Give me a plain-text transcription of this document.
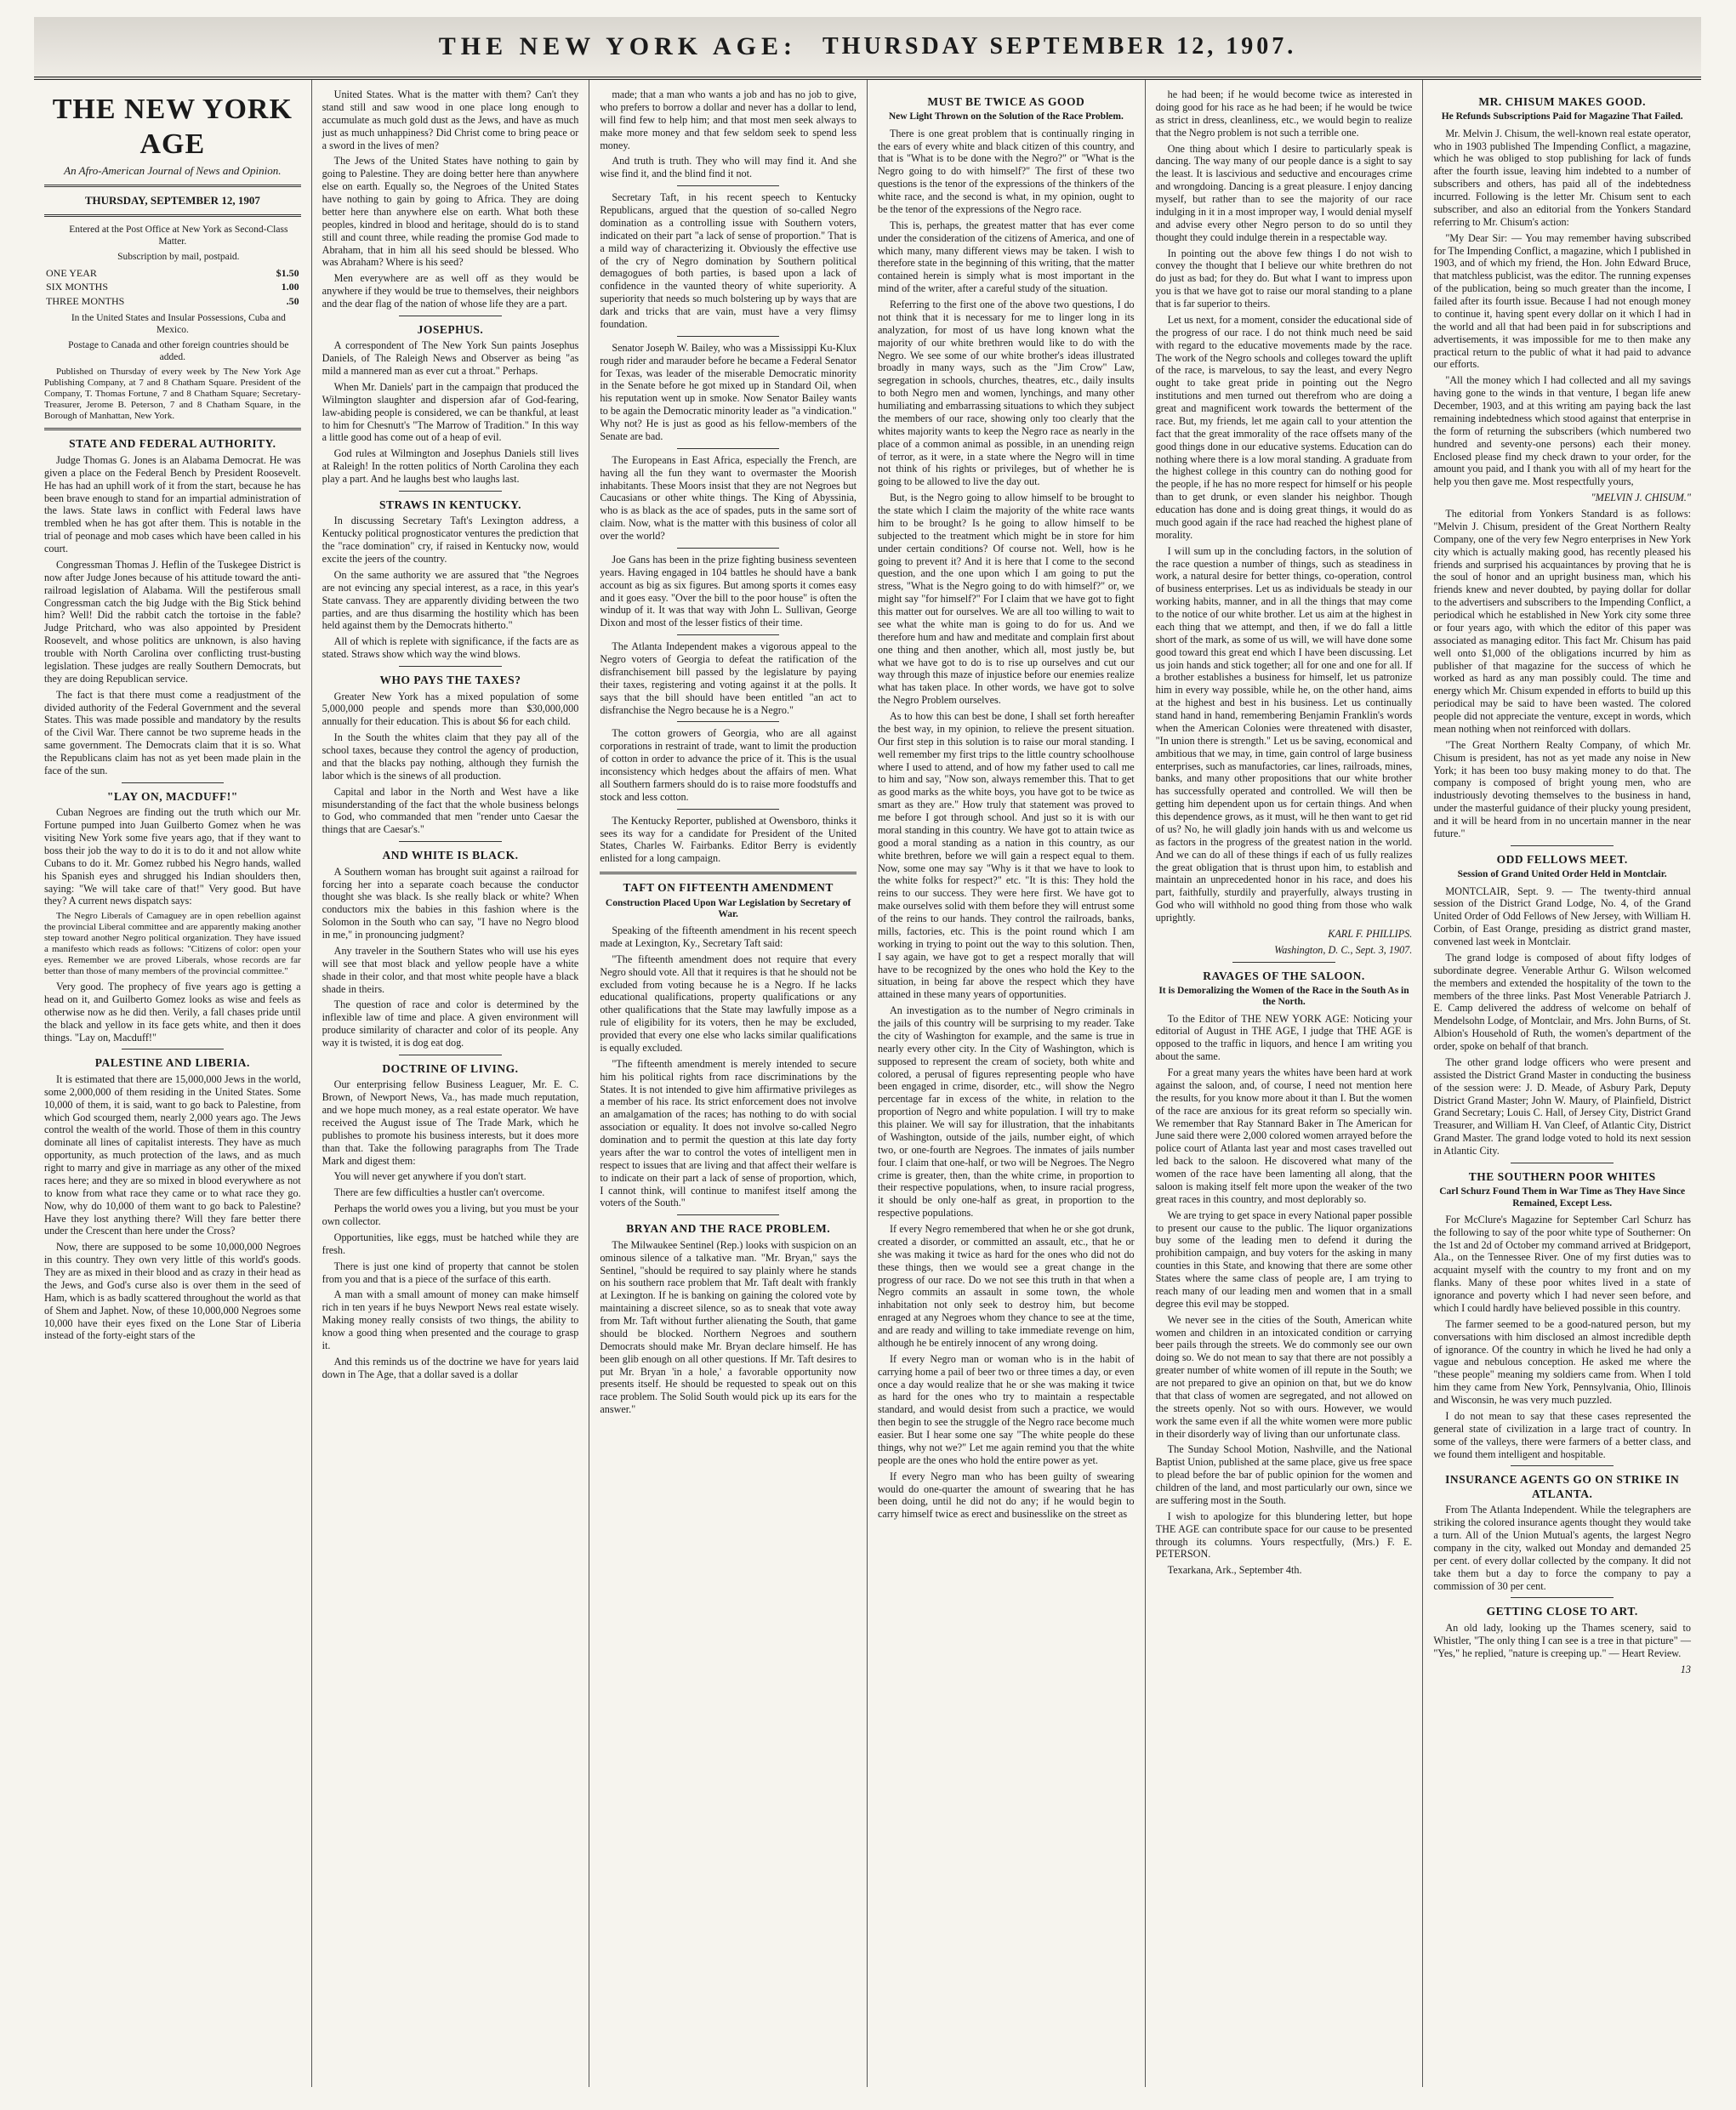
THE NEW YORK AGE: THURSDAY SEPTEMBER 12, 1907.
THE NEW YORK AGE
An Afro-American Journal of News and Opinion.
THURSDAY, SEPTEMBER 12, 1907

Entered at the Post Office at New York as Second-Class Matter.

Subscription by mail, postpaid.

ONE YEAR	$1.50
SIX MONTHS	1.00
THREE MONTHS	.50

In the United States and Insular Possessions, Cuba and Mexico.

Postage to Canada and other foreign countries should be added.

Published on Thursday of every week by The New York Age Publishing Company, at 7 and 8 Chatham Square. President of the Company, T. Thomas Fortune, 7 and 8 Chatham Square; Secretary-Treasurer, Jerome B. Peterson, 7 and 8 Chatham Square, in the Borough of Manhattan, New York.

STATE AND FEDERAL AUTHORITY.

Judge Thomas G. Jones is an Alabama Democrat. He was given a place on the Federal Bench by President Roosevelt. He has had an uphill work of it from the start, because he has been brave enough to stand for an impartial administration of the laws. State laws in conflict with Federal laws have trembled when he has got after them. This is notable in the trial of peonage and mob cases which have been called in his court.

Congressman Thomas J. Heflin of the Tuskegee District is now after Judge Jones because of his attitude toward the anti-railroad legislation of Alabama. Will the pestiferous small Congressman catch the big Judge with the Big Stick behind him? Well! Did the rabbit catch the tortoise in the fable? Judge Pritchard, who was also appointed by President Roosevelt, and whose politics are unknown, is also having trouble with North Carolina over conflicting trust-busting legislation. These judges are really Southern Democrats, but they are doing Republican service.

The fact is that there must come a readjustment of the divided authority of the Federal Government and the several States. This was made possible and mandatory by the results of the Civil War. There cannot be two supreme heads in the same government. The Democrats claim that it is so. What the Republicans claim has not as yet been made plain in the face of the sun.

"LAY ON, MACDUFF!"

Cuban Negroes are finding out the truth which our Mr. Fortune pumped into Juan Guilberto Gomez when he was visiting New York some five years ago, that if they want to boss their job the way to do it is to do it and not allow white Cubans to do it. Mr. Gomez rubbed his Negro hands, walled his Spanish eyes and shrugged his Indian shoulders then, saying: "We will take care of that!" Very good. But have they? A current news dispatch says:

The Negro Liberals of Camaguey are in open rebellion against the provincial Liberal committee and are apparently making another step toward another Negro political organization. They have issued a manifesto which reads as follows: "Citizens of color: open your eyes. Remember we are proved Liberals, whose records are far better than those of many members of the provincial committee."

Very good. The prophecy of five years ago is getting a head on it, and Guilberto Gomez looks as wise and feels as otherwise now as he did then. Verily, a fall chases pride until the black and yellow in its face gets white, and then it does things. "Lay on, Macduff!"

PALESTINE AND LIBERIA.

It is estimated that there are 15,000,000 Jews in the world, some 2,000,000 of them residing in the United States. Some 10,000 of them, it is said, want to go back to Palestine, from which God scourged them, nearly 2,000 years ago. The Jews control the wealth of the world. Those of them in this country dominate all lines of capitalist interests. They have as much opportunity, as much protection of the laws, and as much right to marry and give in marriage as any other of the mixed races here; and they are so mixed in blood everywhere as not to know from what race they came or to what race they go. Now, why do 10,000 of them want to go back to Palestine? Have they lost anything there? Will they fare better there under the Crescent than here under the Cross?

Now, there are supposed to be some 10,000,000 Negroes in this country. They own very little of this world's goods. They are as mixed in their blood and as crazy in their head as the Jews, and God's curse also is over them in the seed of Ham, which is as badly scattered throughout the world as that of Shem and Japhet. Now, of these 10,000,000 Negroes some 10,000 have their eyes fixed on the Lone Star of Liberia instead of the forty-eight stars of the

United States. What is the matter with them? Can't they stand still and saw wood in one place long enough to accumulate as much gold dust as the Jews, and have as much just as much unhappiness? Did Christ come to bring peace or a sword in the lives of men?

The Jews of the United States have nothing to gain by going to Palestine. They are doing better here than anywhere else on earth. Equally so, the Negroes of the United States have nothing to gain by going to Africa. They are doing better here than anywhere else on earth. What both these peoples, kindred in blood and heritage, should do is to stand still and count three, while reading the promise God made to Abraham, that in him all his seed should be blessed. Who was Abraham? Where is his seed?

Men everywhere are as well off as they would be anywhere if they would be true to themselves, their neighbors and the dear flag of the nation of whose life they are a part.

JOSEPHUS.

A correspondent of The New York Sun paints Josephus Daniels, of The Raleigh News and Observer as being "as mild a mannered man as ever cut a throat." Perhaps.

When Mr. Daniels' part in the campaign that produced the Wilmington slaughter and dispersion afar of God-fearing, law-abiding people is considered, we can be thankful, at least to him for Chesnutt's "The Marrow of Tradition." In this way a little good has come out of a heap of evil.

God rules at Wilmington and Josephus Daniels still lives at Raleigh! In the rotten politics of North Carolina they each play a part. And he laughs best who laughs last.

STRAWS IN KENTUCKY.

In discussing Secretary Taft's Lexington address, a Kentucky political prognosticator ventures the prediction that the "race domination" cry, if raised in Kentucky now, would excite the jeers of the country.

On the same authority we are assured that "the Negroes are not evincing any special interest, as a race, in this year's State canvass. They are apparently dividing between the two parties, and are thus disarming the hostility which has been held against them by the Democrats hitherto."

All of which is replete with significance, if the facts are as stated. Straws show which way the wind blows.

WHO PAYS THE TAXES?

Greater New York has a mixed population of some 5,000,000 people and spends more than $30,000,000 annually for their education. This is about $6 for each child.

In the South the whites claim that they pay all of the school taxes, because they control the agency of production, and that the blacks pay nothing, although they furnish the labor which is the sinews of all production.

Capital and labor in the North and West have a like misunderstanding of the fact that the whole business belongs to God, who commanded that men "render unto Caesar the things that are Caesar's."

AND WHITE IS BLACK.

A Southern woman has brought suit against a railroad for forcing her into a separate coach because the conductor thought she was black. Is she really black or white? When conductors mix the babies in this fashion where is the Solomon in the South who can say, "I have no Negro blood in me," in pronouncing judgment?

Any traveler in the Southern States who will use his eyes will see that most black and yellow people have a white shade in their color, and that most white people have a black shade in theirs.

The question of race and color is determined by the inflexible law of time and place. A given environment will produce similarity of character and color of its people. Any way it is twisted, it is dog eat dog.

DOCTRINE OF LIVING.

Our enterprising fellow Business Leaguer, Mr. E. C. Brown, of Newport News, Va., has made much reputation, and we hope much money, as a real estate operator. We have received the August issue of The Trade Mark, which he publishes to promote his business interests, but it does more than that. Take the following paragraphs from The Trade Mark and digest them:

You will never get anywhere if you don't start.

There are few difficulties a hustler can't overcome.

Perhaps the world owes you a living, but you must be your own collector.

Opportunities, like eggs, must be hatched while they are fresh.

There is just one kind of property that cannot be stolen from you and that is a piece of the surface of this earth.

A man with a small amount of money can make himself rich in ten years if he buys Newport News real estate wisely. Making money really consists of two things, the ability to know a good thing when presented and the courage to grasp it.

And this reminds us of the doctrine we have for years laid down in The Age, that a dollar saved is a dollar

made; that a man who wants a job and has no job to give, who prefers to borrow a dollar and never has a dollar to lend, will find few to help him; and that most men seek always to make more money and that few seldom seek to spend less money.

And truth is truth. They who will may find it. And she wise find it, and the blind find it not.

Secretary Taft, in his recent speech to Kentucky Republicans, argued that the question of so-called Negro domination as a controlling issue with Southern voters, indicated on their part "a lack of sense of proportion." That is a mild way of characterizing it. Obviously the effective use of the cry of Negro domination by Southern political demagogues of both parties, is based upon a lack of confidence in the vaunted theory of white superiority. A superiority that needs so much bolstering up by ways that are dark and tricks that are vain, must have a very flimsy foundation.

Senator Joseph W. Bailey, who was a Mississippi Ku-Klux rough rider and marauder before he became a Federal Senator for Texas, was leader of the miserable Democratic minority in the Senate before he got mixed up in Standard Oil, when his reputation went up in smoke. Now Senator Bailey wants to be again the Democratic minority leader as "a vindication." Why not? He is just as good as his fellow-members of the Senate are bad.

The Europeans in East Africa, especially the French, are having all the fun they want to overmaster the Moorish inhabitants. These Moors insist that they are not Negroes but Caucasians or other white things. The King of Abyssinia, who is as black as the ace of spades, puts in the same sort of claim. Now, what is the matter with this business of color all over the world?

Joe Gans has been in the prize fighting business seventeen years. Having engaged in 104 battles he should have a bank account as big as six figures. But among sports it comes easy and it goes easy. "Over the bill to the poor house" is often the windup of it. It was that way with John L. Sullivan, George Dixon and most of the lesser fistics of their time.

The Atlanta Independent makes a vigorous appeal to the Negro voters of Georgia to defeat the ratification of the disfranchisement bill passed by the legislature by paying their taxes, registering and voting against it at the polls. It says that the bill should have been entitled "an act to disfranchise the Negro because he is a Negro."

The cotton growers of Georgia, who are all against corporations in restraint of trade, want to limit the production of cotton in order to advance the price of it. This is the usual inconsistency which hedges about the affairs of men. What all Southern farmers should do is to raise more foodstuffs and stock and less cotton.

The Kentucky Reporter, published at Owensboro, thinks it sees its way for a candidate for President of the United States, Charles W. Fairbanks. Editor Berry is evidently enlisted for a long campaign.

TAFT ON FIFTEENTH AMENDMENT
Construction Placed Upon War Legislation by Secretary of War.

Speaking of the fifteenth amendment in his recent speech made at Lexington, Ky., Secretary Taft said:

"The fifteenth amendment does not require that every Negro should vote. All that it requires is that he should not be excluded from voting because he is a Negro. If he lacks educational qualifications, property qualifications or any other qualifications that the State may lawfully impose as a rule of eligibility for its voters, then he may be excluded, provided that every one else who lacks similar qualifications is equally excluded.

"The fifteenth amendment is merely intended to secure him his political rights from race discriminations by the States. It is not intended to give him affirmative privileges as a member of his race. Its strict enforcement does not involve an amalgamation of the races; has nothing to do with social association or equality. It does not involve so-called Negro domination and to permit the question at this late day forty years after the war to control the votes of intelligent men in respect to issues that are living and that affect their welfare is to indicate on their part a lack of sense of proportion, which, I cannot think, will continue to manifest itself among the voters of the South."

BRYAN AND THE RACE PROBLEM.

The Milwaukee Sentinel (Rep.) looks with suspicion on an ominous silence of a talkative man. "Mr. Bryan," says the Sentinel, "should be required to say plainly where he stands on his southern race problem that Mr. Taft dealt with frankly at Lexington. If he is banking on gaining the colored vote by maintaining a discreet silence, so as to sneak that vote away from Mr. Taft without further alienating the South, that game should be blocked. Northern Negroes and southern Democrats should make Mr. Bryan declare himself. He has been glib enough on all other questions. If Mr. Taft desires to put Mr. Bryan 'in a hole,' a favorable opportunity now presents itself. He should be requested to speak out on this race problem. The Solid South would pick up its ears for the answer."

MUST BE TWICE AS GOOD
New Light Thrown on the Solution of the Race Problem.

There is one great problem that is continually ringing in the ears of every white and black citizen of this country, and that is "What is to be done with the Negro?" or "What is the Negro going to do with himself?" The first of these two questions is the tenor of the expressions of the thinkers of the white race, and the second is what, in my opinion, ought to be the tenor of the expressions of the Negro race.

This is, perhaps, the greatest matter that has ever come under the consideration of the citizens of America, and one of which many, many different views may be taken. I wish to therefore state in the beginning of this writing, that the matter contained herein is simply what is most important in the mind of the writer, after a careful study of the situation.

Referring to the first one of the above two questions, I do not think that it is necessary for me to linger long in its analyzation, for most of us have long known what the majority of our white brethren would like to do with the Negro. We see some of our white brother's ideas illustrated broadly in many ways, such as the "Jim Crow" Law, segregation in schools, churches, theatres, etc., daily insults to both Negro men and women, lynchings, and many other humiliating and embarrassing situations to which they subject the members of our race, showing only too clearly that the whites majority wants to keep the Negro race as nearly in the place of a common animal as possible, in an unending reign of terror, as it were, in a state where the Negro will in time not think of his rights or privileges, but of whether he is going to be allowed to live the day out.

But, is the Negro going to allow himself to be brought to the state which I claim the majority of the white race wants him to be brought? Is he going to allow himself to be subjected to the treatment which might be in store for him under certain conditions? Of course not. Well, how is he going to prevent it? And it is here that I come to the second question, and the one upon which I am going to put the stress, "What is the Negro going to do with himself?" or, we might say "for himself?" For I claim that we have got to fight this matter out for ourselves. We are all too willing to wait to see what the white man is going to do for us. And we therefore hum and haw and meditate and complain first about one thing and then another, which all, most justly be, but what we have got to do is to rise up ourselves and cut our way through this maze of injustice before our enemies realize what has taken place. In other words, we have got to solve the Negro Problem ourselves.

As to how this can best be done, I shall set forth hereafter the best way, in my opinion, to relieve the present situation. Our first step in this solution is to raise our moral standing. I well remember my first trips to the little country schoolhouse where I used to attend, and of how my father used to call me to him and say, "Now son, always remember this. That to get as good marks as the white boys, you have got to be twice as smart as they are." How truly that statement was proved to me before I got through school. And just so it is with our moral standing in this country. We have got to attain twice as good a moral standing as a nation in this country, as our white brethren, before we will gain a respect equal to them. Now, some one may say "Why is it that we have to look to the white folks for respect?" etc. "It is this: They hold the reins to our success. They were here first. We have got to make ourselves solid with them before they will entrust some of the reins to our hands. They control the railroads, banks, mills, factories, etc. This is the point round which I am working in trying to point out the way to this solution. Then, I say again, we have got to get a respect morally that will have to be recognized by the ones who hold the Key to the situation, in being far above the respect which they have attained in these many years of opportunities.

An investigation as to the number of Negro criminals in the jails of this country will be surprising to my reader. Take the city of Washington for example, and the same is true in nearly every other city. In the City of Washington, which is supposed to represent the cream of society, both white and colored, a perusal of figures representing people who have been engaged in crime, disorder, etc., will show the Negro percentage far in excess of the white, in relation to the proportion of Negro and white population. I will try to make this plainer. We will say for illustration, that the inhabitants of Washington, outside of the jails, number eight, of which two, or one-fourth are Negroes. The inmates of jails number four. I claim that one-half, or two will be Negroes. The Negro crime is greater, then, than the white crime, in proportion to their respective populations, when, to insure racial progress, it should be only one-half as great, in proportion to the respective populations.

If every Negro remembered that when he or she got drunk, created a disorder, or committed an assault, etc., that he or she was making it twice as hard for the ones who did not do these things, then we would see a great change in the progress of our race. Do we not see this truth in that when a Negro commits an assault in some town, the whole inhabitation not only seek to destroy him, but become enraged at any Negroes whom they chance to see at the time, and are ready and willing to take immediate revenge on him, although he be entirely innocent of any wrong doing.

If every Negro man or woman who is in the habit of carrying home a pail of beer two or three times a day, or even once a day would realize that he or she was making it twice as hard for the ones who try to maintain a respectable standard, and would desist from such a practice, we would then begin to see the struggle of the Negro race become much easier. But I hear some one say "The white people do these things, why not we?" Let me again remind you that the white people are the ones who hold the entire power as yet.

If every Negro man who has been guilty of swearing would do one-quarter the amount of swearing that he has been doing, until he did not do any; if he would begin to carry himself twice as erect and businesslike on the street as

he had been; if he would become twice as interested in doing good for his race as he had been; if he would be twice as strict in dress, cleanliness, etc., we would begin to realize that the Negro problem is not such a terrible one.

One thing about which I desire to particularly speak is dancing. The way many of our people dance is a sight to say the least. It is lascivious and seductive and encourages crime and wrongdoing. Dancing is a great pleasure. I enjoy dancing myself, but rather than to see the majority of our race indulging in it in a most improper way, I would denial myself and advise every other Negro person to do so until they thought they could indulge therein in a respectable way.

In pointing out the above few things I do not wish to convey the thought that I believe our white brethren do not do just as bad; for they do. But what I want to impress upon you is that we have got to raise our moral standing to a plane that is far superior to theirs.

Let us next, for a moment, consider the educational side of the progress of our race. I do not think much need be said with regard to the educative movements made by the race. The work of the Negro schools and colleges toward the uplift of the race, is marvelous, to say the least, and every Negro ought to take great pride in pointing out the Negro institutions and men turned out therefrom who are doing a great and magnificent work towards the betterment of the race. But, my friends, let me again call to your attention the fact that the great immorality of the race offsets many of the good things done in our educative systems. Education can do nothing where there is a low moral standing. A graduate from the highest college in this country can do nothing good for the people, if he has no more respect for himself or his people than to get drunk, or even slander his neighbor. Though education has done and is doing great things, it would do as much good again if the race had reached the highest plane of morality.

I will sum up in the concluding factors, in the solution of the race question a number of things, such as steadiness in work, a natural desire for better things, co-operation, control of business enterprises. Let us as individuals be steady in our working habits, manner, and in all the things that may come to the notice of our white brother. Let us aim at the highest in each thing that we attempt, and then, if we do fall a little short of the mark, as some of us will, we will have done some good toward this great end which I have been discussing. Let us join hands and stick together; all for one and one for all. If a brother establishes a business for himself, let us patronize him in every way possible, while he, on the other hand, aims at the highest and best in his business. Let us continually stand hand in hand, remembering Benjamin Franklin's words when the American Colonies were threatened with disaster, "In union there is strength." Let us be saving, economical and ambitious that we may, in time, gain control of large business enterprises, such as manufactories, car lines, railroads, mines, banks, and many other propositions that our white brother has successfully operated and controlled. We will then be getting him dependent upon us for certain things. And when this dependence grows, as it must, will he then want to get rid of us? No, he will gladly join hands with us and welcome us as factors in the progress of the greatest nation in the world. And we can do all of these things if each of us fully realizes the great obligation that is thrust upon him, to establish and maintain an unprecedented honor in his race, and does his part, faithfully, sturdily and prayerfully, always trusting in God who will withhold no good thing from those who walk uprightly.

KARL F. PHILLIPS.

Washington, D. C., Sept. 3, 1907.

RAVAGES OF THE SALOON.
It is Demoralizing the Women of the Race in the South As in the North.

To the Editor of THE NEW YORK AGE: Noticing your editorial of August in THE AGE, I judge that THE AGE is opposed to the traffic in liquors, and hence I am writing you about the same.

For a great many years the whites have been hard at work against the saloon, and, of course, I need not mention here the results, for you know more about it than I. But the women of the race are anxious for its great reform so specially win. We remember that Ray Stannard Baker in The American for June said there were 2,000 colored women arrayed before the police court of Atlanta last year and most cases travelled out led back to the saloon. He discovered what many of the women of the race have been lamenting all along, that the saloon is making itself felt more upon the weaker of the two great races in this country, and most deplorably so.

We are trying to get space in every National paper possible to present our cause to the public. The liquor organizations buy some of the leading men to defend it during the prohibition campaign, and buy voters for the asking in many counties in this State, and knowing that there are some other States where the same class of people are, I am trying to reach many of our leading men and women that in a small degree this evil may be stopped.

We never see in the cities of the South, American white women and children in an intoxicated condition or carrying beer pails through the streets. We do commonly see our own doing so. We do not mean to say that there are not possibly a greater number of white women of ill repute in the South; we are not prepared to give an opinion on that, but we do know that that class of women are segregated, and not allowed on the streets openly. Not so with ours. However, we would work the same even if all the white women were more public in their disorderly way of living than our unfortunate class.

The Sunday School Motion, Nashville, and the National Baptist Union, published at the same place, give us free space to plead before the bar of public opinion for the women and children of the land, and most particularly our own, since we are suffering most in the South.

I wish to apologize for this blundering letter, but hope THE AGE can contribute space for our cause to be presented through its columns. Yours respectfully, (Mrs.) F. E. PETERSON.

Texarkana, Ark., September 4th.

MR. CHISUM MAKES GOOD.
He Refunds Subscriptions Paid for Magazine That Failed.

Mr. Melvin J. Chisum, the well-known real estate operator, who in 1903 published The Impending Conflict, a magazine, which he was obliged to stop publishing for lack of funds after the fourth issue, leaving him indebted to a number of subscribers and others, has paid all of the indebtedness incurred. Following is the letter Mr. Chisum sent to each subscriber, and also an editorial from the Yonkers Standard referring to Mr. Chisum's action:

"My Dear Sir: — You may remember having subscribed for The Impending Conflict, a magazine, which I published in 1903, and of which my friend, the Hon. John Edward Bruce, that matchless publicist, was the editor. The running expenses of the publication, being so much greater than the income, I failed after its fourth issue. Because I had not enough money to continue it, having spent every dollar on it which I had in the world and all that had been paid in for subscriptions and advertisements, it was impossible for me to then make any practical return to the public of what it had paid to advance our efforts.

"All the money which I had collected and all my savings having gone to the winds in that venture, I began life anew December, 1903, and at this writing am paying back the last remaining indebtedness which stood against that enterprise in the form of returning the subscribers (which numbered two hundred and seventy-one persons) each their money. Enclosed please find my check drawn to your order, for the amount you paid, and I thank you with all of my heart for the help you then gave me. Most respectfully yours,

"MELVIN J. CHISUM."

The editorial from Yonkers Standard is as follows: "Melvin J. Chisum, president of the Great Northern Realty Company, one of the very few Negro enterprises in New York city which is actually making good, has recently pleased his friends and surprised his acquaintances by proving that he is the soul of honor and an upright business man, which his friends knew and never doubted, by paying dollar for dollar to the advertisers and subscribers to the Impending Conflict, a periodical which he established in New York city some three or four years ago, with which the editor of this paper was associated as managing editor. This fact Mr. Chisum has paid well onto $1,000 of the obligations incurred by him as publisher of that magazine for the success of which he worked as hard as any man possibly could. The time and energy which Mr. Chisum expended in efforts to build up this periodical may be said to have been wasted. The colored people did not appreciate the venture, except in words, which mean nothing when not reinforced with dollars.

"The Great Northern Realty Company, of which Mr. Chisum is president, has not as yet made any noise in New York; it has been too busy making money to do that. The company is composed of bright young men, who are industriously devoting themselves to the business in hand, under the masterful guidance of their plucky young president, and it will be heard from in no uncertain manner in the near future."

ODD FELLOWS MEET.
Session of Grand United Order Held in Montclair.

MONTCLAIR, Sept. 9. — The twenty-third annual session of the District Grand Lodge, No. 4, of the Grand United Order of Odd Fellows of New Jersey, with William H. Corbin, of East Orange, presiding as district grand master, convened last week in Montclair.

The grand lodge is composed of about fifty lodges of subordinate degree. Venerable Arthur G. Wilson welcomed the members and extended the hospitality of the town to the members of the three links. Past Most Venerable Patriarch J. E. Camp delivered the address of welcome on behalf of Mendelsohn Lodge, of Montclair, and Mrs. John Burns, of St. Albion's Household of Ruth, the women's department of the order, spoke on behalf of that branch.

The other grand lodge officers who were present and assisted the District Grand Master in conducting the business of the session were: J. D. Meade, of Asbury Park, Deputy District Grand Master; John W. Maury, of Plainfield, District Grand Secretary; Louis C. Hall, of Jersey City, District Grand Treasurer, and William H. Van Cleef, of Atlantic City, District Grand Master. The grand lodge voted to hold its next session in Atlantic City.

THE SOUTHERN POOR WHITES
Carl Schurz Found Them in War Time as They Have Since Remained, Except Less.

For McClure's Magazine for September Carl Schurz has the following to say of the poor white type of Southerner: On the 1st and 2d of October my command arrived at Bridgeport, Ala., on the Tennessee River. One of my first duties was to acquaint myself with the country to my front and on my flanks. Many of these poor whites lived in a state of ignorance and poverty which I had never seen before, and which I could hardly have believed possible in this country.

The farmer seemed to be a good-natured person, but my conversations with him disclosed an almost incredible depth of ignorance. Of the country in which he lived he had only a vague and nebulous conception. He asked me where the "these people" meaning my soldiers came from. When I told him they came from New York, Pennsylvania, Ohio, Illinois and Wisconsin, he was very much puzzled.

I do not mean to say that these cases represented the general state of civilization in a large tract of country. In some of the valleys, there were farmers of a better class, and we found them intelligent and hospitable.

INSURANCE AGENTS GO ON STRIKE IN ATLANTA.

From The Atlanta Independent. While the telegraphers are striking the colored insurance agents thought they would take a turn. All of the Union Mutual's agents, the largest Negro company in the city, walked out Monday and demanded 25 per cent. of every dollar collected by the company. It did not take them but a day to force the company to pay a commission of 30 per cent.

GETTING CLOSE TO ART.

An old lady, looking up the Thames scenery, said to Whistler, "The only thing I can see is a tree in that picture" — "Yes," he replied, "nature is creeping up." — Heart Review.

13
